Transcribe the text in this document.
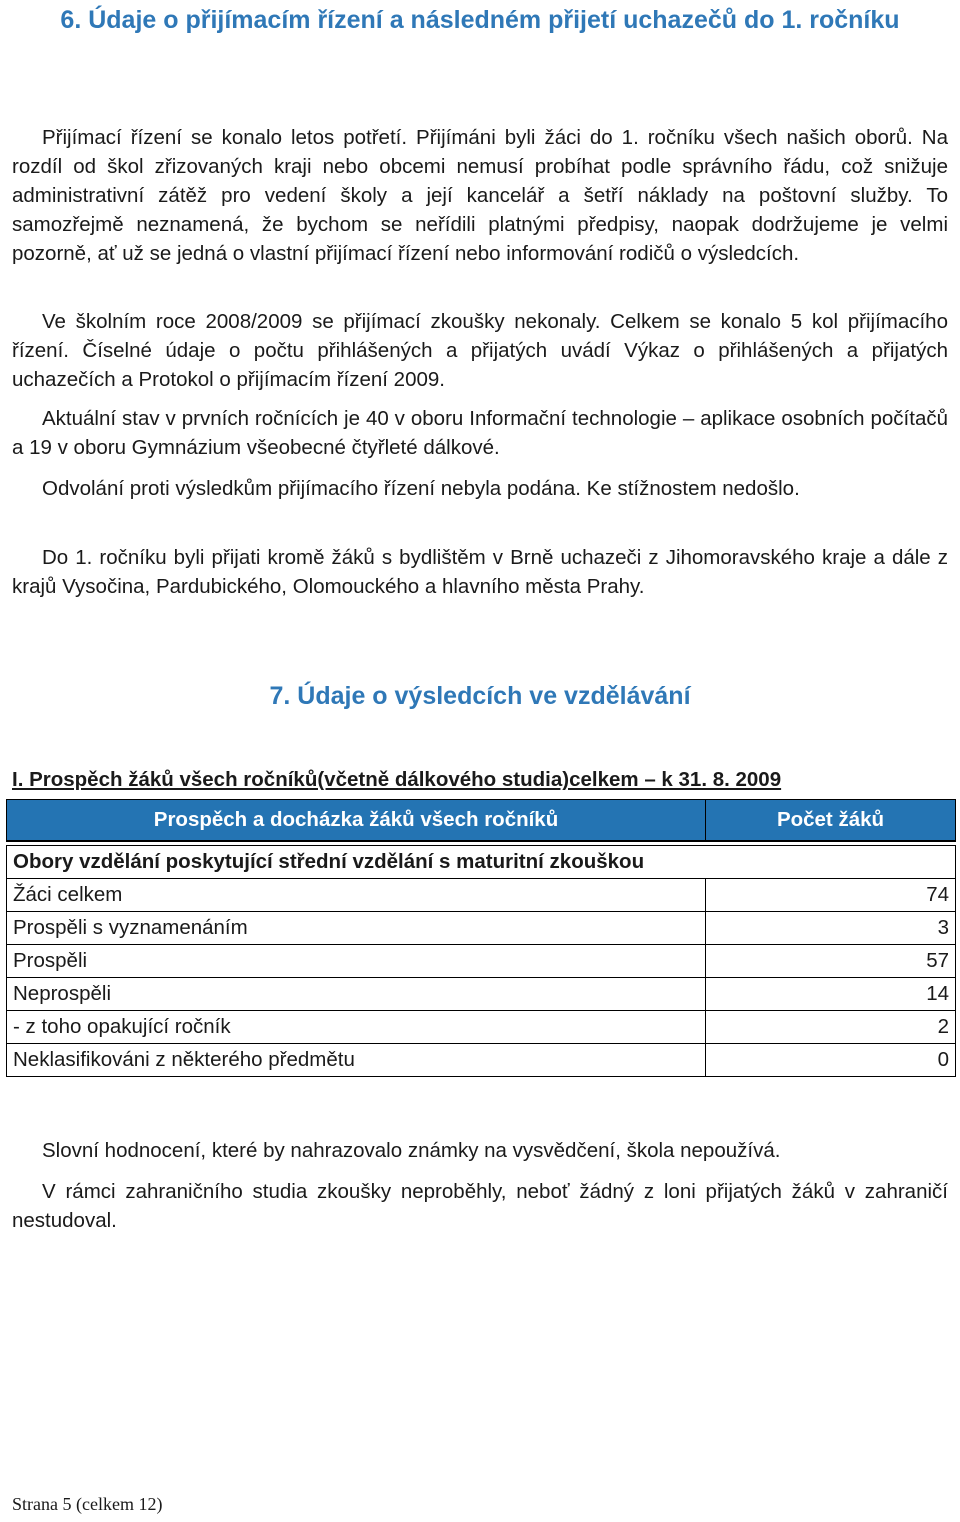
6. Údaje o přijímacím řízení a následném přijetí uchazečů do 1. ročníku

Přijímací řízení se konalo letos potřetí. Přijímáni byli žáci do 1. ročníku všech našich oborů. Na rozdíl od škol zřizovaných kraji nebo obcemi nemusí probíhat podle správního řádu, což snižuje administrativní zátěž pro vedení školy a její kancelář a šetří náklady na poštovní služby. To samozřejmě neznamená, že bychom se neřídili platnými předpisy, naopak dodržujeme je velmi pozorně, ať už se jedná o vlastní přijímací řízení nebo informování rodičů o výsledcích.

Ve školním roce 2008/2009 se přijímací zkoušky nekonaly. Celkem se konalo 5 kol přijímacího řízení. Číselné údaje o počtu přihlášených a přijatých uvádí Výkaz o přihlášených a přijatých uchazečích a Protokol o přijímacím řízení 2009.

Aktuální stav v prvních ročnících je 40 v oboru Informační technologie – aplikace osobních počítačů a 19 v oboru Gymnázium všeobecné čtyřleté dálkové.

Odvolání proti výsledkům přijímacího řízení nebyla podána. Ke stížnostem nedošlo.

Do 1. ročníku byli přijati kromě žáků s bydlištěm v Brně uchazeči z Jihomoravského kraje a dále z krajů Vysočina, Pardubického, Olomouckého a hlavního města Prahy.

7. Údaje o výsledcích ve vzdělávání

I. Prospěch žáků všech ročníků(včetně dálkového studia)celkem – k 31. 8. 2009

Prospěch a docházka žáků všech ročníků	Počet žáků

Obory vzdělání poskytující střední vzdělání s maturitní zkouškou	
Žáci celkem	74
Prospěli s vyznamenáním	3
Prospěli	57
Neprospěli	14
- z toho opakující ročník	2
Neklasifikováni z některého předmětu	0

Slovní hodnocení, které by nahrazovalo známky na vysvědčení, škola nepoužívá.

V rámci zahraničního studia zkoušky neproběhly, neboť žádný z loni přijatých žáků v zahraničí nestudoval.

Strana 5 (celkem 12)
